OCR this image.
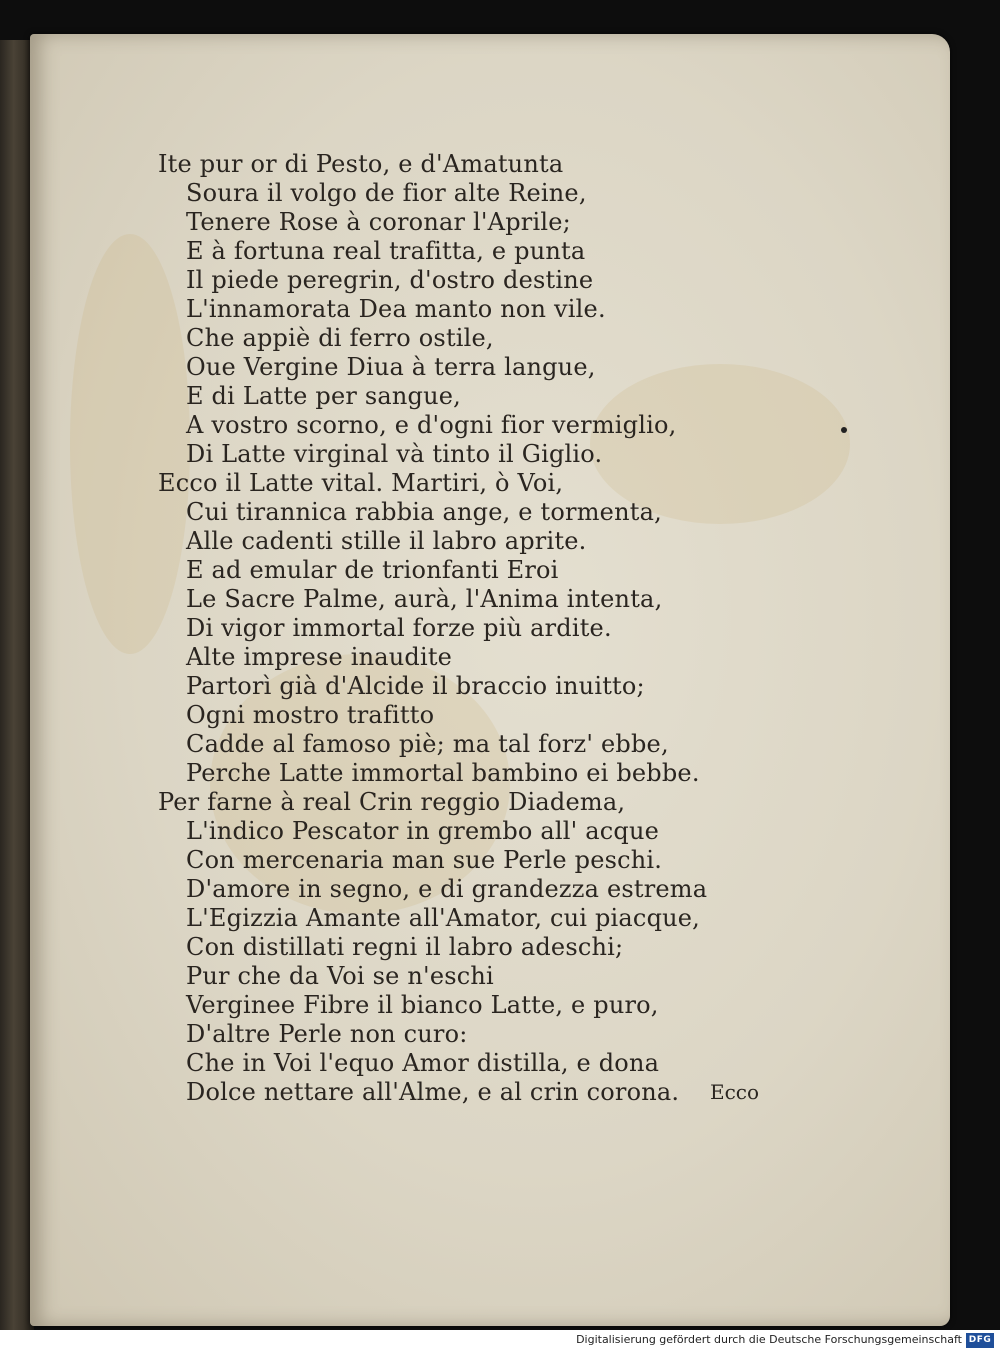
Ite pur or di Pesto, e d'Amatunta
Soura il volgo de fior alte Reine,
Tenere Rose à coronar l'Aprile;
E à fortuna real trafitta, e punta
Il piede peregrin, d'ostro destine
L'innamorata Dea manto non vile.
Che appiè di ferro ostile,
Oue Vergine Diua à terra langue,
E di Latte per sangue,
A vostro scorno, e d'ogni fior vermiglio,
Di Latte virginal và tinto il Giglio.
Ecco il Latte vital. Martiri, ò Voi,
Cui tirannica rabbia ange, e tormenta,
Alle cadenti stille il labro aprite.
E ad emular de trionfanti Eroi
Le Sacre Palme, aurà, l'Anima intenta,
Di vigor immortal forze più ardite.
Alte imprese inaudite
Partorì già d'Alcide il braccio inuitto;
Ogni mostro trafitto
Cadde al famoso piè; ma tal forz' ebbe,
Perche Latte immortal bambino ei bebbe.
Per farne à real Crin reggio Diadema,
L'indico Pescator in grembo all' acque
Con mercenaria man sue Perle peschi.
D'amore in segno, e di grandezza estrema
L'Egizzia Amante all'Amator, cui piacque,
Con distillati regni il labro adeschi;
Pur che da Voi se n'eschi
Verginee Fibre il bianco Latte, e puro,
D'altre Perle non curo:
Che in Voi l'equo Amor distilla, e dona
Dolce nettare all'Alme, e al crin corona. Ecco
Digitalisierung gefördert durch die Deutsche Forschungsgemeinschaft DFG
